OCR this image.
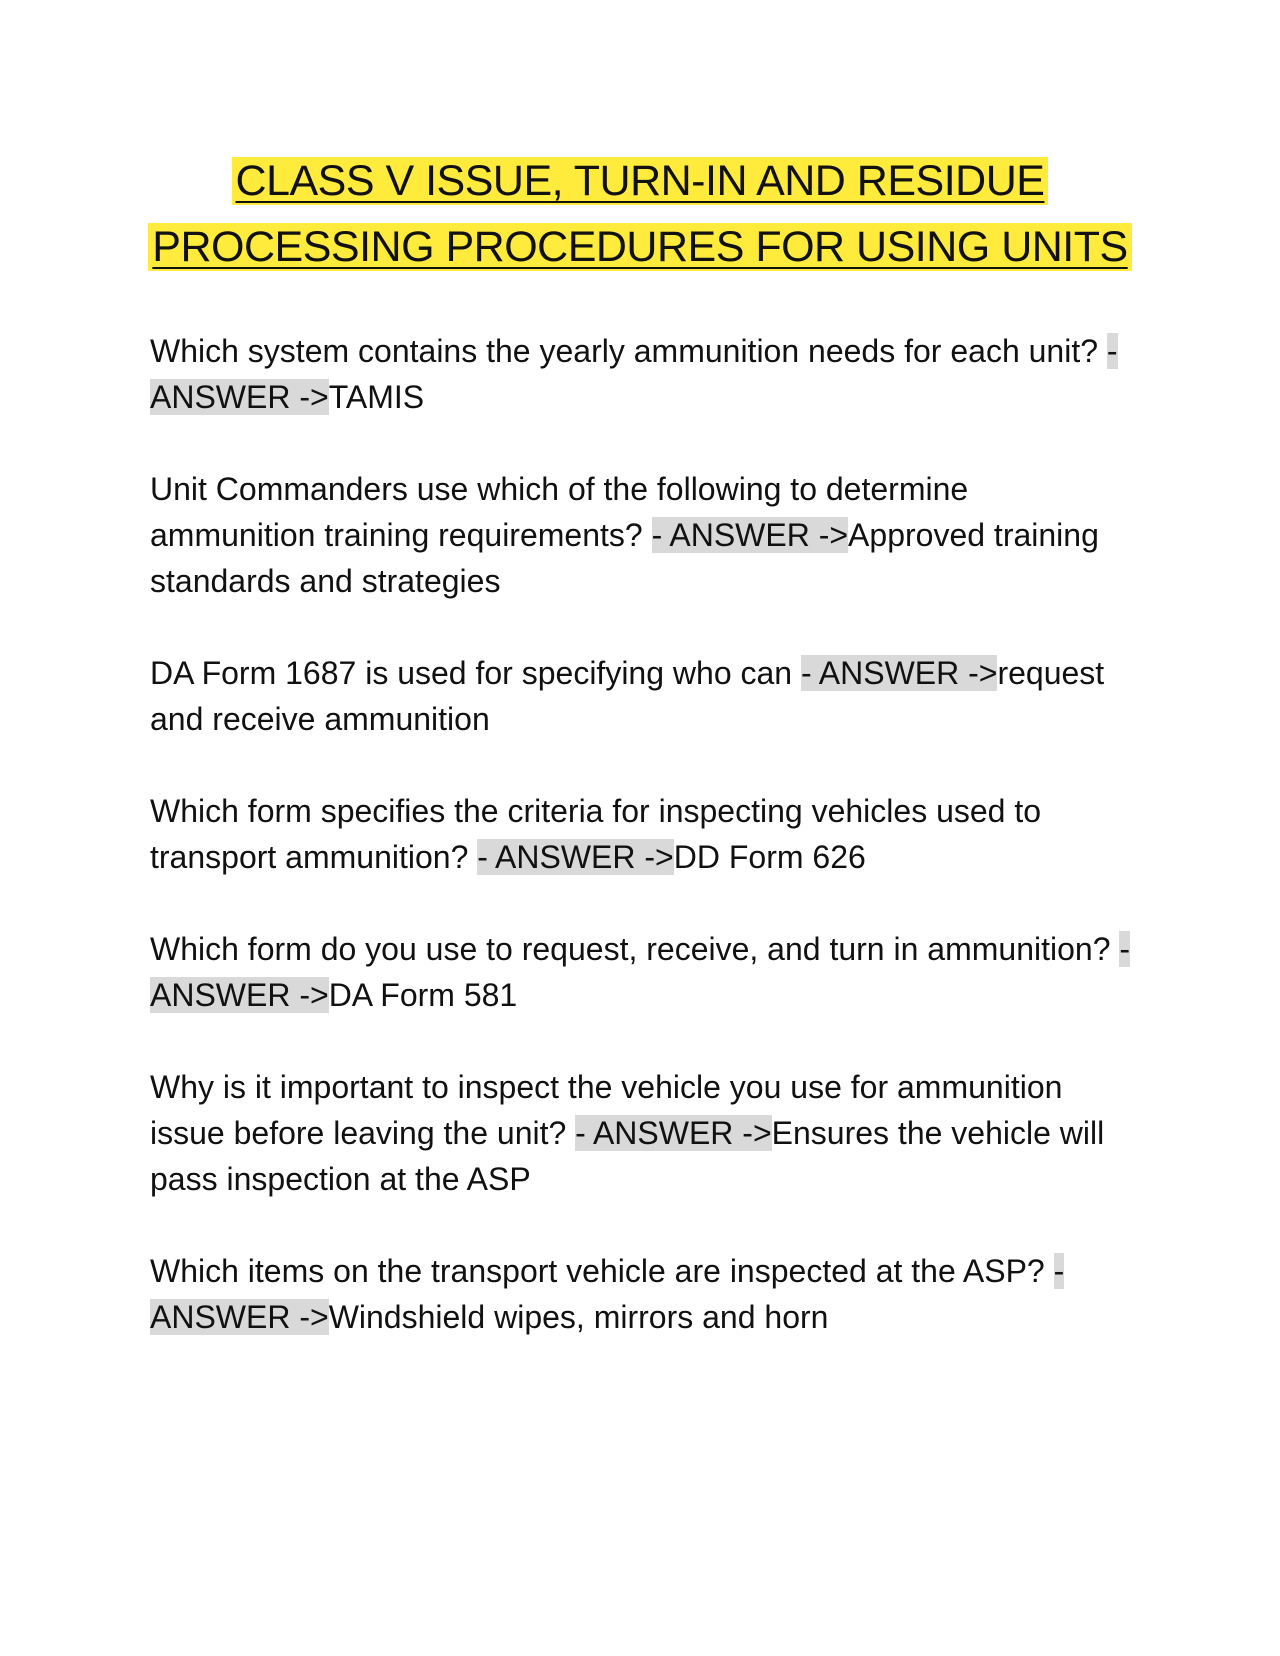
CLASS V ISSUE, TURN-IN AND RESIDUE
PROCESSING PROCEDURES FOR USING UNITS

Which system contains the yearly ammunition needs for each unit? - ANSWER ->TAMIS

Unit Commanders use which of the following to determine ammunition training requirements? - ANSWER ->Approved training standards and strategies

DA Form 1687 is used for specifying who can - ANSWER ->request and receive ammunition

Which form specifies the criteria for inspecting vehicles used to transport ammunition? - ANSWER ->DD Form 626

Which form do you use to request, receive, and turn in ammunition? - ANSWER ->DA Form 581

Why is it important to inspect the vehicle you use for ammunition issue before leaving the unit? - ANSWER ->Ensures the vehicle will pass inspection at the ASP

Which items on the transport vehicle are inspected at the ASP? - ANSWER ->Windshield wipes, mirrors and horn
